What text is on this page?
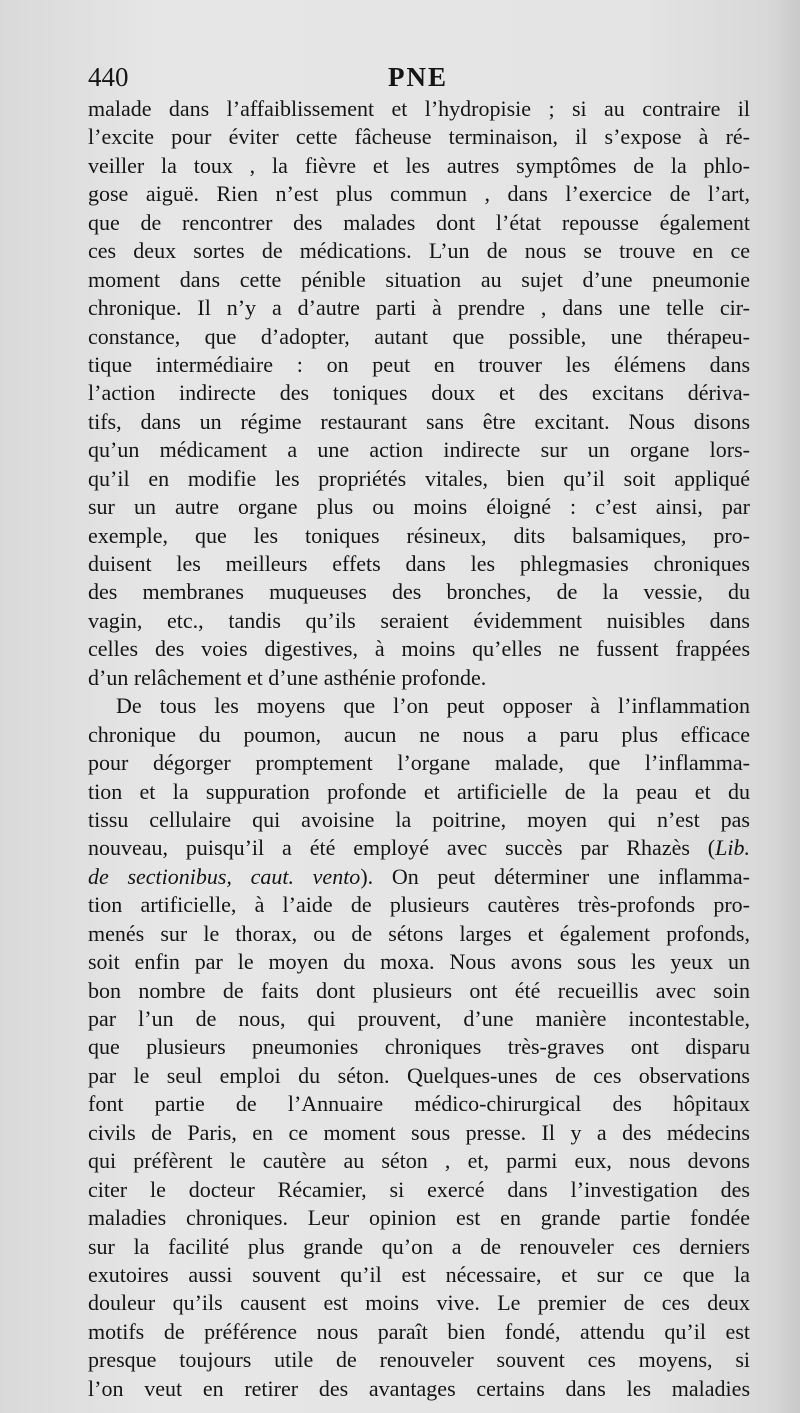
440	PNE
malade dans l’affaiblissement et l’hydropisie ; si au contraire il
l’excite pour éviter cette fâcheuse terminaison, il s’expose à ré-
veiller la toux , la fièvre et les autres symptômes de la phlo-
gose aiguë. Rien n’est plus commun , dans l’exercice de l’art,
que de rencontrer des malades dont l’état repousse également
ces deux sortes de médications. L’un de nous se trouve en ce
moment dans cette pénible situation au sujet d’une pneumonie
chronique. Il n’y a d’autre parti à prendre , dans une telle cir-
constance, que d’adopter, autant que possible, une thérapeu-
tique intermédiaire : on peut en trouver les élémens dans
l’action indirecte des toniques doux et des excitans dériva-
tifs, dans un régime restaurant sans être excitant. Nous disons
qu’un médicament a une action indirecte sur un organe lors-
qu’il en modifie les propriétés vitales, bien qu’il soit appliqué
sur un autre organe plus ou moins éloigné : c’est ainsi, par
exemple, que les toniques résineux, dits balsamiques, pro-
duisent les meilleurs effets dans les phlegmasies chroniques
des membranes muqueuses des bronches, de la vessie, du
vagin, etc., tandis qu’ils seraient évidemment nuisibles dans
celles des voies digestives, à moins qu’elles ne fussent frappées
d’un relâchement et d’une asthénie profonde.
De tous les moyens que l’on peut opposer à l’inflammation
chronique du poumon, aucun ne nous a paru plus efficace
pour dégorger promptement l’organe malade, que l’inflamma-
tion et la suppuration profonde et artificielle de la peau et du
tissu cellulaire qui avoisine la poitrine, moyen qui n’est pas
nouveau, puisqu’il a été employé avec succès par Rhazès (Lib.
de sectionibus, caut. vento). On peut déterminer une inflamma-
tion artificielle, à l’aide de plusieurs cautères très-profonds pro-
menés sur le thorax, ou de sétons larges et également profonds,
soit enfin par le moyen du moxa. Nous avons sous les yeux un
bon nombre de faits dont plusieurs ont été recueillis avec soin
par l’un de nous, qui prouvent, d’une manière incontestable,
que plusieurs pneumonies chroniques très-graves ont disparu
par le seul emploi du séton. Quelques-unes de ces observations
font partie de l’Annuaire médico-chirurgical des hôpitaux
civils de Paris, en ce moment sous presse. Il y a des médecins
qui préfèrent le cautère au séton , et, parmi eux, nous devons
citer le docteur Récamier, si exercé dans l’investigation des
maladies chroniques. Leur opinion est en grande partie fondée
sur la facilité plus grande qu’on a de renouveler ces derniers
exutoires aussi souvent qu’il est nécessaire, et sur ce que la
douleur qu’ils causent est moins vive. Le premier de ces deux
motifs de préférence nous paraît bien fondé, attendu qu’il est
presque toujours utile de renouveler souvent ces moyens, si
l’on veut en retirer des avantages certains dans les maladies
